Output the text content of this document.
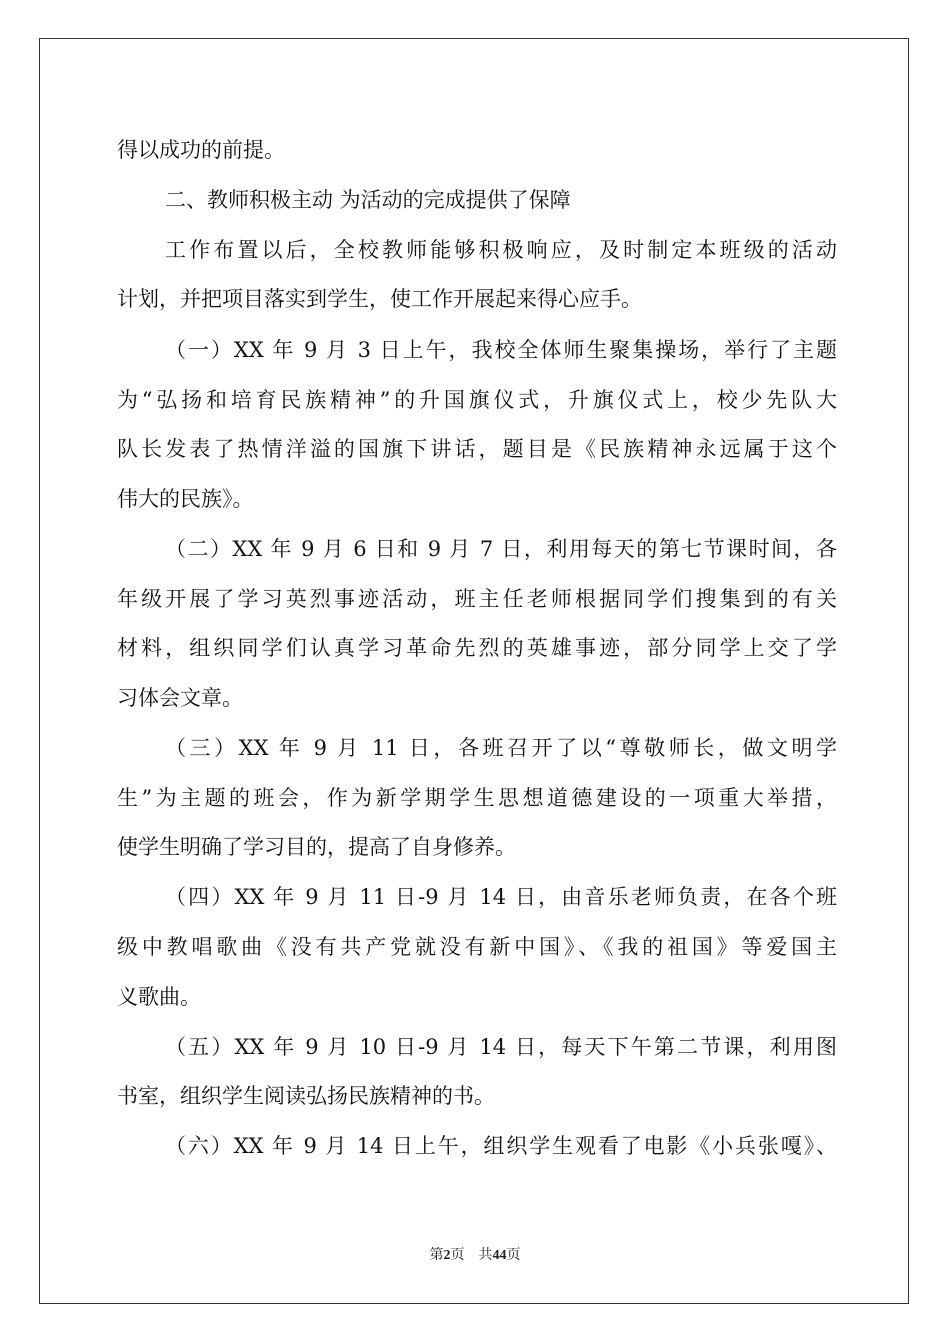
得以成功的前提。

二、教师积极主动 为活动的完成提供了保障

工作布置以后，全校教师能够积极响应，及时制定本班级的活动

计划，并把项目落实到学生，使工作开展起来得心应手。

（一）XX 年 9 月 3 日上午，我校全体师生聚集操场，举行了主题

为“弘扬和培育民族精神”的升国旗仪式，升旗仪式上，校少先队大

队长发表了热情洋溢的国旗下讲话，题目是《民族精神永远属于这个

伟大的民族》。

（二）XX 年 9 月 6 日和 9 月 7 日，利用每天的第七节课时间，各

年级开展了学习英烈事迹活动，班主任老师根据同学们搜集到的有关

材料，组织同学们认真学习革命先烈的英雄事迹，部分同学上交了学

习体会文章。

（三）XX 年 9 月 11 日，各班召开了以“尊敬师长，做文明学

生”为主题的班会，作为新学期学生思想道德建设的一项重大举措，

使学生明确了学习目的，提高了自身修养。

（四）XX 年 9 月 11 日-9 月 14 日，由音乐老师负责，在各个班

级中教唱歌曲《没有共产党就没有新中国》、《我的祖国》等爱国主

义歌曲。

（五）XX 年 9 月 10 日-9 月 14 日，每天下午第二节课，利用图

书室，组织学生阅读弘扬民族精神的书。

（六）XX 年 9 月 14 日上午，组织学生观看了电影《小兵张嘎》、

第2页 共44页
